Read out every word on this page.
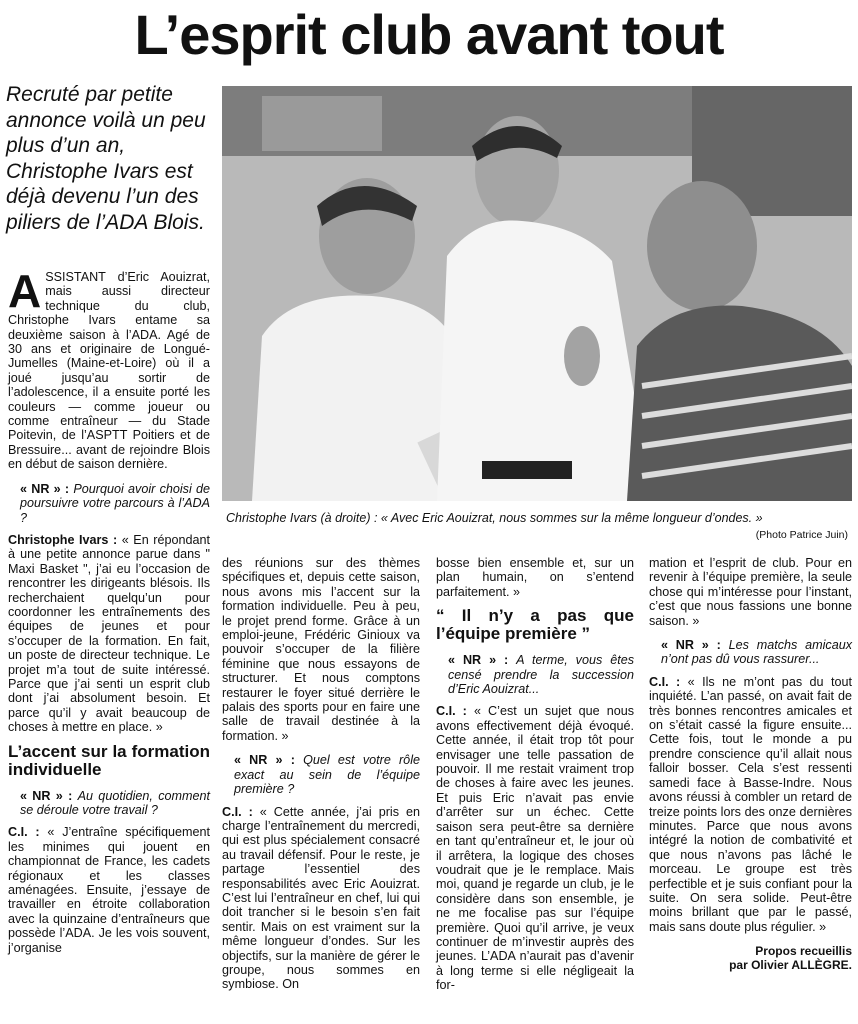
L’esprit club avant tout
Recruté par petite annonce voilà un peu plus d’un an, Christophe Ivars est déjà devenu l’un des piliers de l’ADA Blois.
Christophe Ivars (à droite) : « Avec Eric Aouizrat, nous sommes sur la même longueur d’ondes. »
(Photo Patrice Juin)

ASSISTANT d’Eric Aouizrat, mais aussi directeur technique du club, Christophe Ivars entame sa deuxième saison à l’ADA. Agé de 30 ans et originaire de Longué-Jumelles (Maine-et-Loire) où il a joué jusqu’au sortir de l’adolescence, il a ensuite porté les couleurs — comme joueur ou comme entraîneur — du Stade Poitevin, de l’ASPTT Poitiers et de Bressuire... avant de rejoindre Blois en début de saison dernière.

« NR » : Pourquoi avoir choisi de poursuivre votre parcours à l’ADA ?

Christophe Ivars : « En répondant à une petite annonce parue dans " Maxi Basket ", j’ai eu l’occasion de rencontrer les dirigeants blésois. Ils recherchaient quelqu’un pour coordonner les entraînements des équipes de jeunes et pour s’occuper de la formation. En fait, un poste de directeur technique. Le projet m’a tout de suite intéressé. Parce que j’ai senti un esprit club dont j’ai absolument besoin. Et parce qu’il y avait beaucoup de choses à mettre en place. »

L’accent sur la formation individuelle

« NR » : Au quotidien, comment se déroule votre travail ?

C.I. : « J’entraîne spécifiquement les minimes qui jouent en championnat de France, les cadets régionaux et les classes aménagées. Ensuite, j’essaye de travailler en étroite collaboration avec la quinzaine d’entraîneurs que possède l’ADA. Je les vois souvent, j’organise

des réunions sur des thèmes spécifiques et, depuis cette saison, nous avons mis l’accent sur la formation individuelle. Peu à peu, le projet prend forme. Grâce à un emploi-jeune, Frédéric Ginioux va pouvoir s’occuper de la filière féminine que nous essayons de structurer. Et nous comptons restaurer le foyer situé derrière le palais des sports pour en faire une salle de travail destinée à la formation. »

« NR » : Quel est votre rôle exact au sein de l’équipe première ?

C.I. : « Cette année, j’ai pris en charge l’entraînement du mercredi, qui est plus spécialement consacré au travail défensif. Pour le reste, je partage l’essentiel des responsabilités avec Eric Aouizrat. C’est lui l’entraîneur en chef, lui qui doit trancher si le besoin s’en fait sentir. Mais on est vraiment sur la même longueur d’ondes. Sur les objectifs, sur la manière de gérer le groupe, nous sommes en symbiose. On

bosse bien ensemble et, sur un plan humain, on s’entend parfaitement. »

“ Il n’y a pas que l’équipe première ”

« NR » : A terme, vous êtes censé prendre la succession d’Eric Aouizrat...

C.I. : « C’est un sujet que nous avons effectivement déjà évoqué. Cette année, il était trop tôt pour envisager une telle passation de pouvoir. Il me restait vraiment trop de choses à faire avec les jeunes. Et puis Eric n’avait pas envie d’arrêter sur un échec. Cette saison sera peut-être sa dernière en tant qu’entraîneur et, le jour où il arrêtera, la logique des choses voudrait que je le remplace. Mais moi, quand je regarde un club, je le considère dans son ensemble, je ne me focalise pas sur l’équipe première. Quoi qu’il arrive, je veux continuer de m’investir auprès des jeunes. L’ADA n’aurait pas d’avenir à long terme si elle négligeait la for-

mation et l’esprit de club. Pour en revenir à l’équipe première, la seule chose qui m’intéresse pour l’instant, c’est que nous fassions une bonne saison. »

« NR » : Les matchs amicaux n’ont pas dû vous rassurer...

C.I. : « Ils ne m’ont pas du tout inquiété. L’an passé, on avait fait de très bonnes rencontres amicales et on s’était cassé la figure ensuite... Cette fois, tout le monde a pu prendre conscience qu’il allait nous falloir bosser. Cela s’est ressenti samedi face à Basse-Indre. Nous avons réussi à combler un retard de treize points lors des onze dernières minutes. Parce que nous avons intégré la notion de combativité et que nous n’avons pas lâché le morceau. Le groupe est très perfectible et je suis confiant pour la suite. On sera solide. Peut-être moins brillant que par le passé, mais sans doute plus régulier. »

Propos recueillis
par Olivier ALLÈGRE.
